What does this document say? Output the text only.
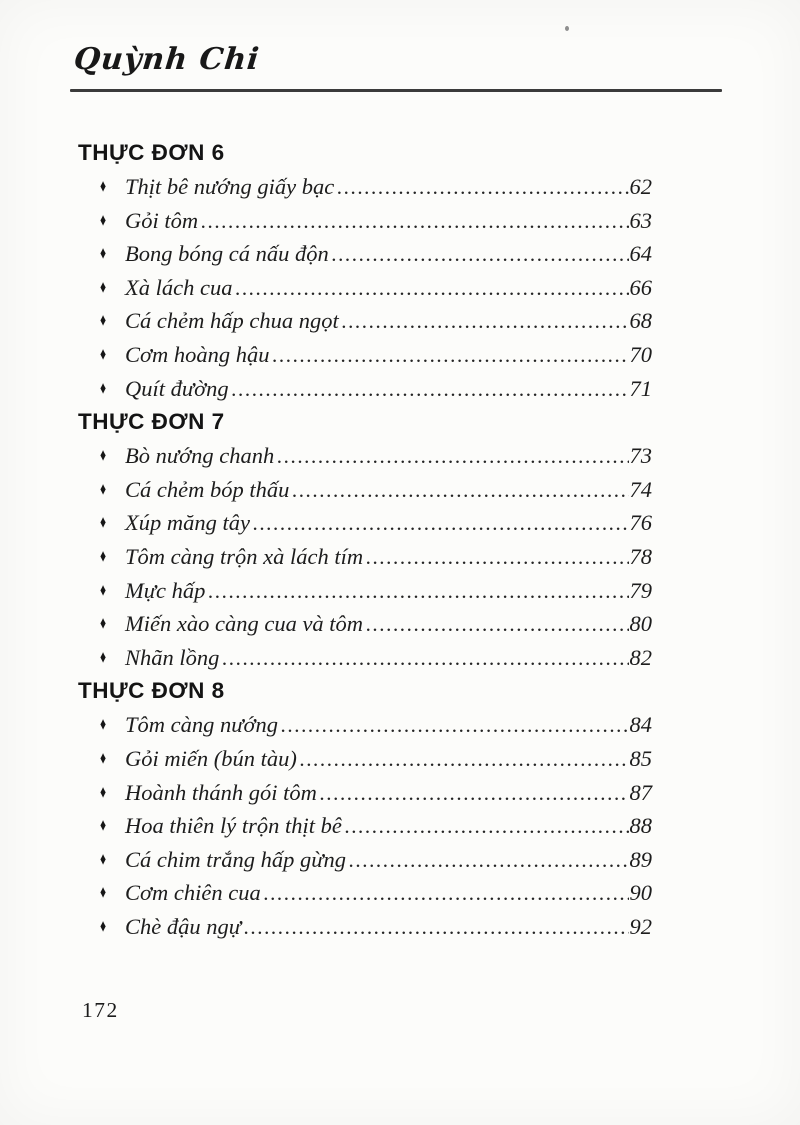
Quỳnh Chi
THỰC ĐƠN 6
♦ Thịt bê nướng giấy bạc .....	62
♦ Gỏi tôm .....	63
♦ Bong bóng cá nấu độn .....	64
♦ Xà lách cua .....	66
♦ Cá chẻm hấp chua ngọt .....	68
♦ Cơm hoàng hậu .....	70
♦ Quít đường .....	71
THỰC ĐƠN 7
♦ Bò nướng chanh .....	73
♦ Cá chẻm bóp thấu .....	74
♦ Xúp măng tây .....	76
♦ Tôm càng trộn xà lách tím .....	78
♦ Mực hấp .....	79
♦ Miến xào càng cua và tôm .....	80
♦ Nhãn lồng .....	82
THỰC ĐƠN 8
♦ Tôm càng nướng .....	84
♦ Gỏi miến (bún tàu) .....	85
♦ Hoành thánh gói tôm .....	87
♦ Hoa thiên lý trộn thịt bê .....	88
♦ Cá chim trắng hấp gừng .....	89
♦ Cơm chiên cua .....	90
♦ Chè đậu ngự .....	92
172
